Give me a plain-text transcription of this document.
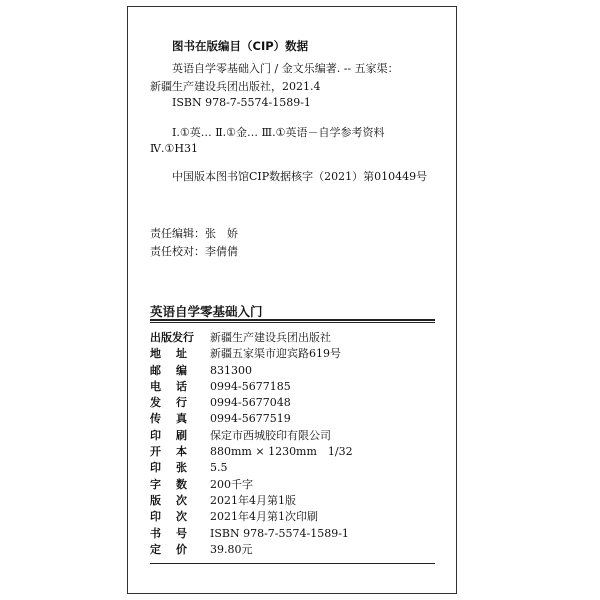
图书在版编目（CIP）数据
英语自学零基础入门 / 金文乐编著. -- 五家渠：
新疆生产建设兵团出版社，2021.4
ISBN 978-7-5574-1589-1
Ⅰ.①英… Ⅱ.①金… Ⅲ.①英语－自学参考资料
Ⅳ.①H31
中国版本图书馆CIP数据核字（2021）第010449号
责任编辑：张　娇
责任校对：李倩倩
英语自学零基础入门
出版发行 新疆生产建设兵团出版社
地 址 新疆五家渠市迎宾路619号
邮 编 831300
电 话 0994-5677185
发 行 0994-5677048
传 真 0994-5677519
印 刷 保定市西城胶印有限公司
开 本 880mm × 1230mm　1/32
印 张 5.5
字 数 200千字
版 次 2021年4月第1版
印 次 2021年4月第1次印刷
书 号 ISBN 978-7-5574-1589-1
定 价 39.80元
